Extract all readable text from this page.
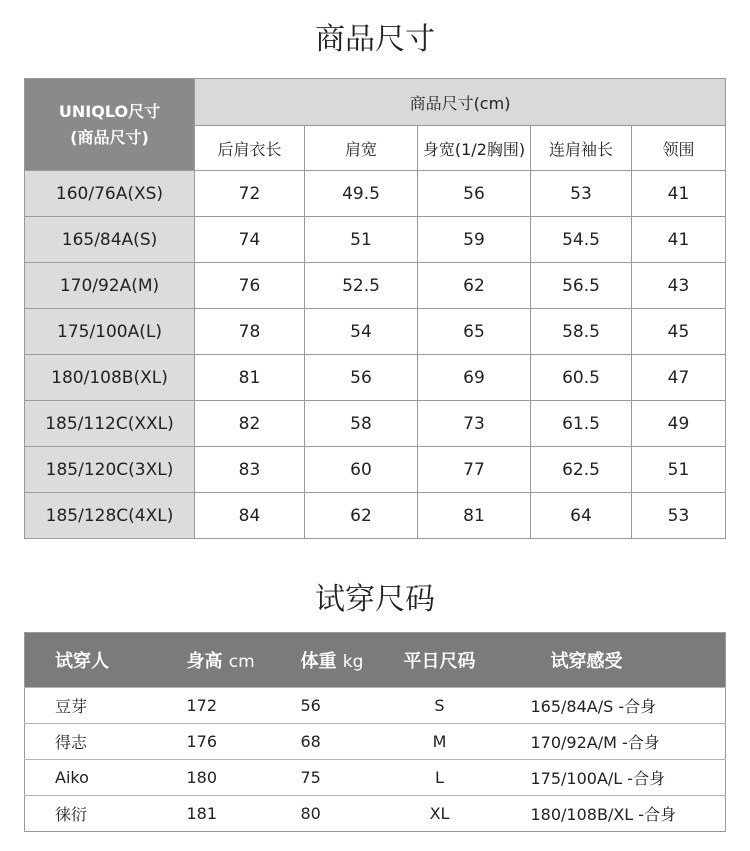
商品尺寸
UNIQLO尺寸
(商品尺寸)	商品尺寸(cm)				
	后肩衣长	肩宽	身宽(1/2胸围)	连肩袖长	领围
160/76A(XS)	72	49.5	56	53	41
165/84A(S)	74	51	59	54.5	41
170/92A(M)	76	52.5	62	56.5	43
175/100A(L)	78	54	65	58.5	45
180/108B(XL)	81	56	69	60.5	47
185/112C(XXL)	82	58	73	61.5	49
185/120C(3XL)	83	60	77	62.5	51
185/128C(4XL)	84	62	81	64	53
试穿尺码
试穿人	身高 cm	体重 kg	平日尺码	试穿感受
豆芽	172	56	S	165/84A/S -合身
得志	176	68	M	170/92A/M -合身
Aiko	180	75	L	175/100A/L -合身
徕衍	181	80	XL	180/108B/XL -合身
